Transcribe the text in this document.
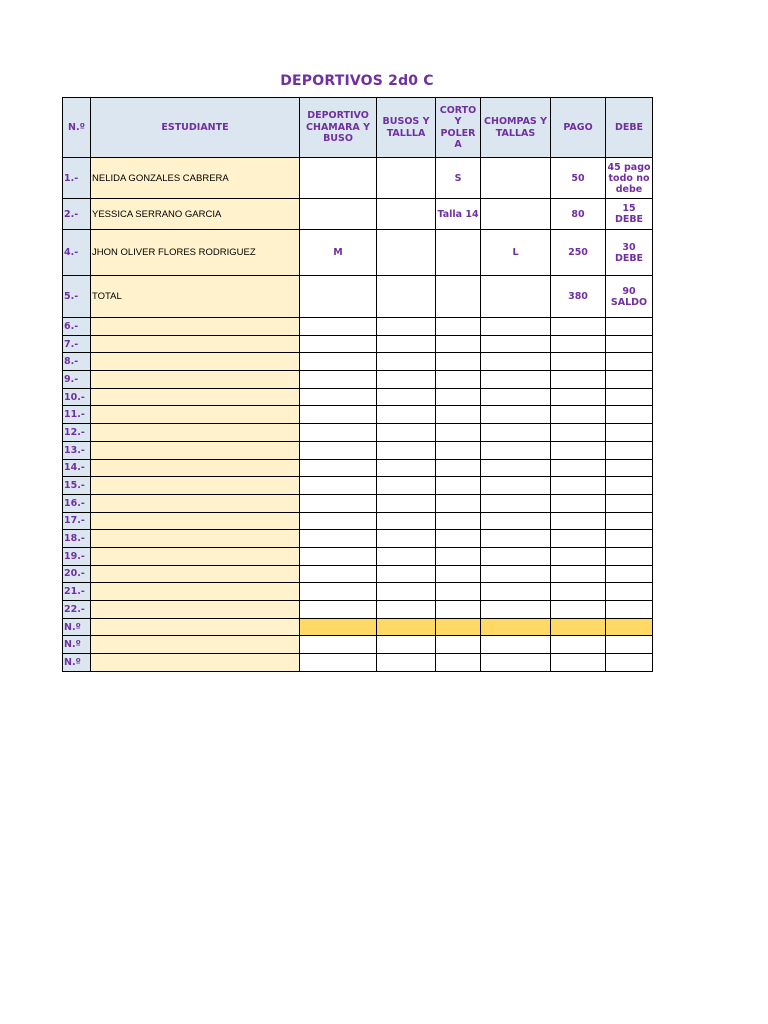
DEPORTIVOS 2d0 C
N.º	ESTUDIANTE	DEPORTIVO CHAMARA Y BUSO	BUSOS Y TALLLA	CORTO Y POLER A	CHOMPAS Y TALLAS	PAGO	DEBE
1.-	NELIDA GONZALES CABRERA			S		50	45 pago todo no debe
2.-	YESSICA SERRANO GARCIA			Talla 14		80	15 DEBE
4.-	JHON OLIVER FLORES RODRIGUEZ	M			L	250	30 DEBE
5.-	TOTAL					380	90 SALDO
6.-							
7.-							
8.-							
9.-							
10.-							
11.-							
12.-							
13.-							
14.-							
15.-							
16.-							
17.-							
18.-							
19.-							
20.-							
21.-							
22.-							
N.º							
N.º							
N.º							
